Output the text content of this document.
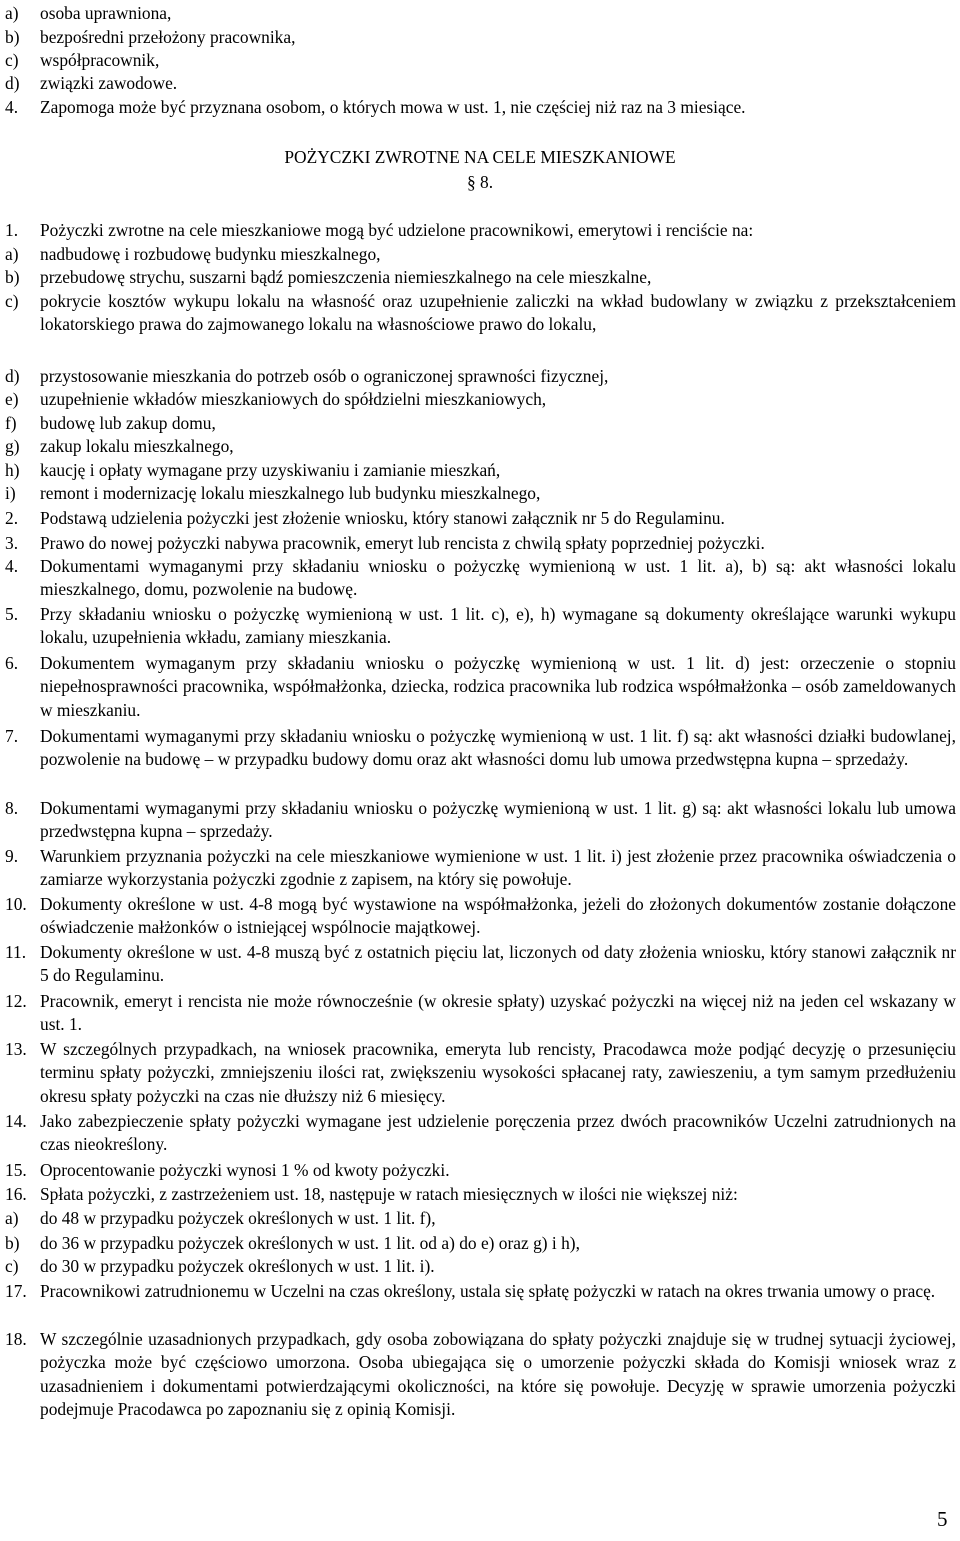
a) osoba uprawniona,
b) bezpośredni przełożony pracownika,
c) współpracownik,
d) związki zawodowe.
4. Zapomoga może być przyznana osobom, o których mowa w ust. 1, nie częściej niż raz na 3 miesiące.
POŻYCZKI ZWROTNE NA CELE MIESZKANIOWE
§ 8.
1. Pożyczki zwrotne na cele mieszkaniowe mogą być udzielone pracownikowi, emerytowi i renciście na:
a) nadbudowę i rozbudowę budynku mieszkalnego,
b) przebudowę strychu, suszarni bądź pomieszczenia niemieszkalnego na cele mieszkalne,
c) pokrycie kosztów wykupu lokalu na własność oraz uzupełnienie zaliczki na wkład budowlany w związku z przekształceniem lokatorskiego prawa do zajmowanego lokalu na własnościowe prawo do lokalu,
d) przystosowanie mieszkania do potrzeb osób o ograniczonej sprawności fizycznej,
e) uzupełnienie wkładów mieszkaniowych do spółdzielni mieszkaniowych,
f) budowę lub zakup domu,
g) zakup lokalu mieszkalnego,
h) kaucję i opłaty wymagane przy uzyskiwaniu i zamianie mieszkań,
i) remont i modernizację lokalu mieszkalnego lub budynku mieszkalnego,
2. Podstawą udzielenia pożyczki jest złożenie wniosku, który stanowi załącznik nr 5 do Regulaminu.
3. Prawo do nowej pożyczki nabywa pracownik, emeryt lub rencista z chwilą spłaty poprzedniej pożyczki.
4. Dokumentami wymaganymi przy składaniu wniosku o pożyczkę wymienioną w ust. 1 lit. a), b) są: akt własności lokalu mieszkalnego, domu, pozwolenie na budowę.
5. Przy składaniu wniosku o pożyczkę wymienioną w ust. 1 lit. c), e), h) wymagane są dokumenty określające warunki wykupu lokalu, uzupełnienia wkładu, zamiany mieszkania.
6. Dokumentem wymaganym przy składaniu wniosku o pożyczkę wymienioną w ust. 1 lit. d) jest: orzeczenie o stopniu niepełnosprawności pracownika, współmałżonka, dziecka, rodzica pracownika lub rodzica współmałżonka – osób zameldowanych w mieszkaniu.
7. Dokumentami wymaganymi przy składaniu wniosku o pożyczkę wymienioną w ust. 1 lit. f) są: akt własności działki budowlanej, pozwolenie na budowę – w przypadku budowy domu oraz akt własności domu lub umowa przedwstępna kupna – sprzedaży.
8. Dokumentami wymaganymi przy składaniu wniosku o pożyczkę wymienioną w ust. 1 lit. g) są: akt własności lokalu lub umowa przedwstępna kupna – sprzedaży.
9. Warunkiem przyznania pożyczki na cele mieszkaniowe wymienione w ust. 1 lit. i) jest złożenie przez pracownika oświadczenia o zamiarze wykorzystania pożyczki zgodnie z zapisem, na który się powołuje.
10. Dokumenty określone w ust. 4-8 mogą być wystawione na współmałżonka, jeżeli do złożonych dokumentów zostanie dołączone oświadczenie małżonków o istniejącej wspólnocie majątkowej.
11. Dokumenty określone w ust. 4-8 muszą być z ostatnich pięciu lat, liczonych od daty złożenia wniosku, który stanowi załącznik nr 5 do Regulaminu.
12. Pracownik, emeryt i rencista nie może równocześnie (w okresie spłaty) uzyskać pożyczki na więcej niż na jeden cel wskazany w ust. 1.
13. W szczególnych przypadkach, na wniosek pracownika, emeryta lub rencisty, Pracodawca może podjąć decyzję o przesunięciu terminu spłaty pożyczki, zmniejszeniu ilości rat, zwiększeniu wysokości spłacanej raty, zawieszeniu, a tym samym przedłużeniu okresu spłaty pożyczki na czas nie dłuższy niż 6 miesięcy.
14. Jako zabezpieczenie spłaty pożyczki wymagane jest udzielenie poręczenia przez dwóch pracowników Uczelni zatrudnionych na czas nieokreślony.
15. Oprocentowanie pożyczki wynosi 1 % od kwoty pożyczki.
16. Spłata pożyczki, z zastrzeżeniem ust. 18, następuje w ratach miesięcznych w ilości nie większej niż:
a) do 48 w przypadku pożyczek określonych w ust. 1 lit. f),
b) do 36 w przypadku pożyczek określonych w ust. 1 lit. od a) do e) oraz g) i h),
c) do 30 w przypadku pożyczek określonych w ust. 1 lit. i).
17. Pracownikowi zatrudnionemu w Uczelni na czas określony, ustala się spłatę pożyczki w ratach na okres trwania umowy o pracę.
18. W szczególnie uzasadnionych przypadkach, gdy osoba zobowiązana do spłaty pożyczki znajduje się w trudnej sytuacji życiowej, pożyczka może być częściowo umorzona. Osoba ubiegająca się o umorzenie pożyczki składa do Komisji wniosek wraz z uzasadnieniem i dokumentami potwierdzającymi okoliczności, na które się powołuje. Decyzję w sprawie umorzenia pożyczki podejmuje Pracodawca po zapoznaniu się z opinią Komisji.
5
